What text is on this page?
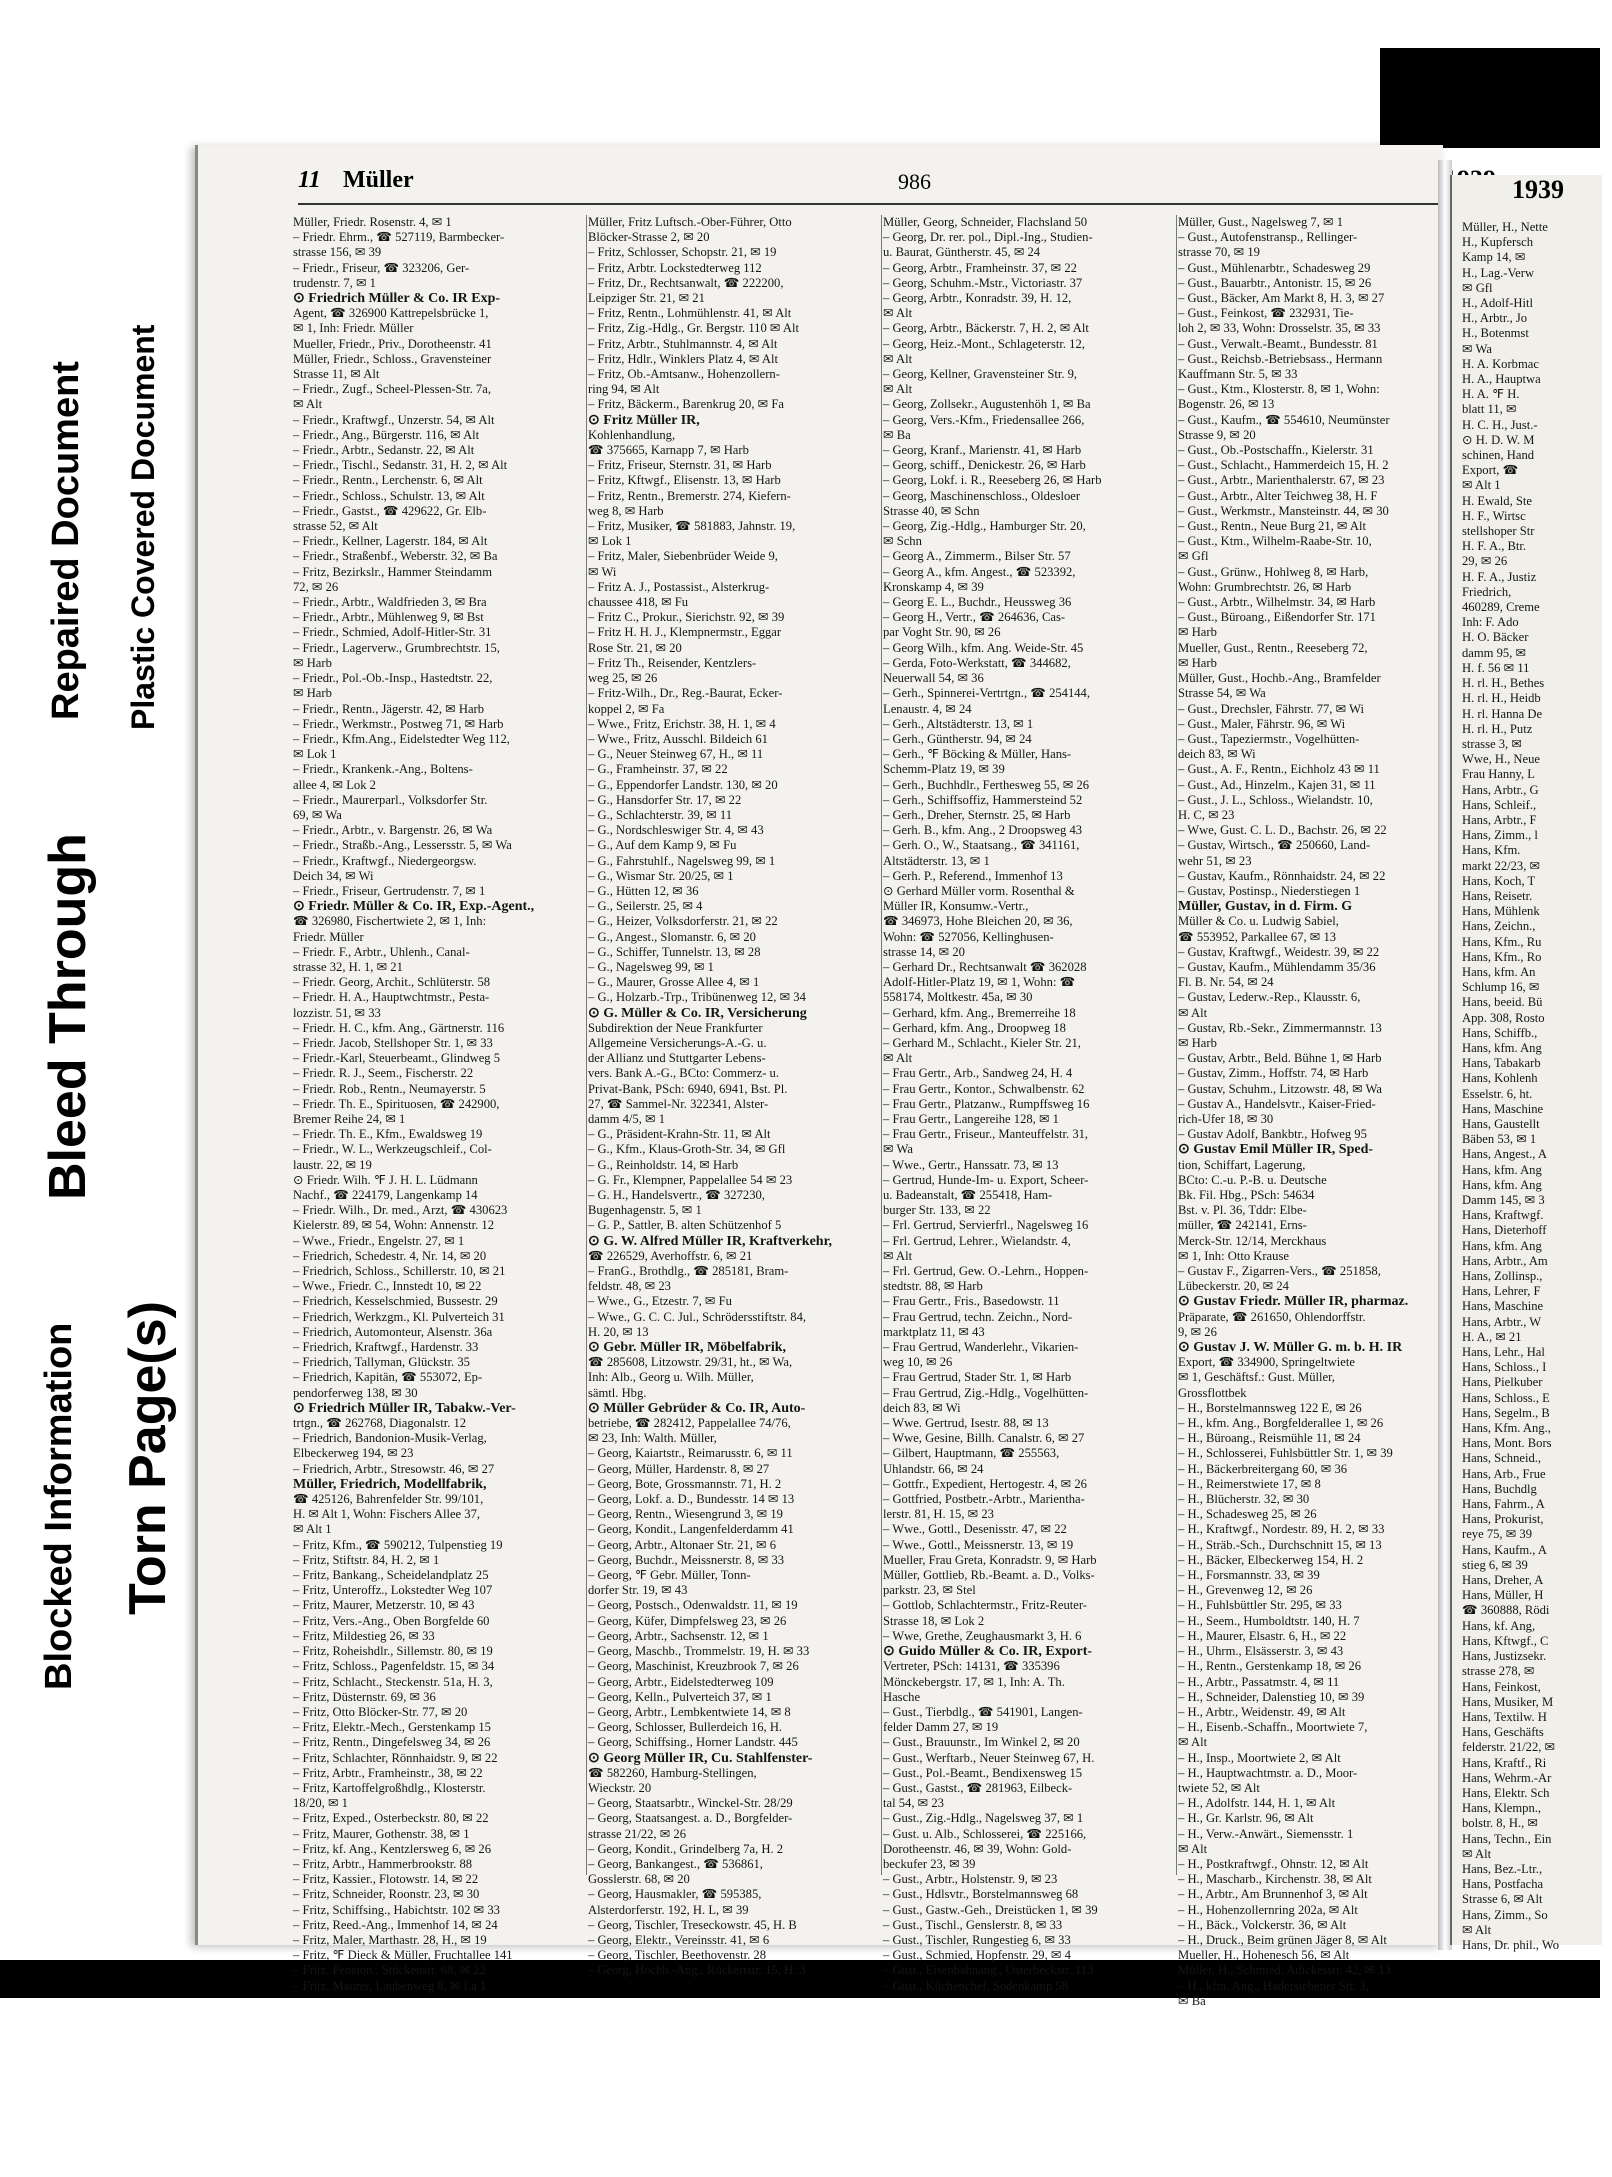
Blocked Information Torn Page(s)
Bleed Through
Repaired Document Plastic Covered Document
11 Müller	986
Müller, Friedr. Rosenstr. 4, ✉ 1
– Friedr. Ehrm., ☎ 527119, Barmbecker-
strasse 156, ✉ 39
– Friedr., Friseur, ☎ 323206, Ger-
trudenstr. 7, ✉ 1
⊙ Friedrich Müller & Co. IR Exp-
Agent, ☎ 326900 Kattrepelsbrücke 1,
✉ 1, Inh: Friedr. Müller
Mueller, Friedr., Priv., Dorotheenstr. 41
Müller, Friedr., Schloss., Gravensteiner
Strasse 11, ✉ Alt
– Friedr., Zugf., Scheel-Plessen-Str. 7a,
✉ Alt
– Friedr., Kraftwgf., Unzerstr. 54, ✉ Alt
– Friedr., Ang., Bürgerstr. 116, ✉ Alt
– Friedr., Arbtr., Sedanstr. 22, ✉ Alt
– Friedr., Tischl., Sedanstr. 31, H. 2, ✉ Alt
– Friedr., Rentn., Lerchenstr. 6, ✉ Alt
– Friedr., Schloss., Schulstr. 13, ✉ Alt
– Friedr., Gastst., ☎ 429622, Gr. Elb-
strasse 52, ✉ Alt
– Friedr., Kellner, Lagerstr. 184, ✉ Alt
– Friedr., Straßenbf., Weberstr. 32, ✉ Ba
– Fritz, Bezirkslr., Hammer Steindamm
72, ✉ 26
– Friedr., Arbtr., Waldfrieden 3, ✉ Bra
– Friedr., Arbtr., Mühlenweg 9, ✉ Bst
– Friedr., Schmied, Adolf-Hitler-Str. 31
– Friedr., Lagerverw., Grumbrechtstr. 15,
✉ Harb
– Friedr., Pol.-Ob.-Insp., Hastedtstr. 22,
✉ Harb
– Friedr., Rentn., Jägerstr. 42, ✉ Harb
– Friedr., Werkmstr., Postweg 71, ✉ Harb
– Friedr., Kfm.Ang., Eidelstedter Weg 112,
✉ Lok 1
– Friedr., Krankenk.-Ang., Boltens-
allee 4, ✉ Lok 2
– Friedr., Maurerparl., Volksdorfer Str.
69, ✉ Wa
– Friedr., Arbtr., v. Bargenstr. 26, ✉ Wa
– Friedr., Straßb.-Ang., Lessersstr. 5, ✉ Wa
– Friedr., Kraftwgf., Niedergeorgsw.
Deich 34, ✉ Wi
– Friedr., Friseur, Gertrudenstr. 7, ✉ 1
⊙ Friedr. Müller & Co. IR, Exp.-Agent.,
☎ 326980, Fischertwiete 2, ✉ 1, Inh:
Friedr. Müller
– Friedr. F., Arbtr., Uhlenh., Canal-
strasse 32, H. 1, ✉ 21
– Friedr. Georg, Archit., Schlüterstr. 58
– Friedr. H. A., Hauptwchtmstr., Pesta-
lozzistr. 51, ✉ 33
– Friedr. H. C., kfm. Ang., Gärtnerstr. 116
– Friedr. Jacob, Stellshoper Str. 1, ✉ 33
– Friedr.-Karl, Steuerbeamt., Glindweg 5
– Friedr. R. J., Seem., Fischerstr. 22
– Friedr. Rob., Rentn., Neumayerstr. 5
– Friedr. Th. E., Spirituosen, ☎ 242900,
Bremer Reihe 24, ✉ 1
– Friedr. Th. E., Kfm., Ewaldsweg 19
– Friedr., W. L., Werkzeugschleif., Col-
laustr. 22, ✉ 19
⊙ Friedr. Wilh. ℉ J. H. L. Lüdmann
Nachf., ☎ 224179, Langenkamp 14
– Friedr. Wilh., Dr. med., Arzt, ☎ 430623
Kielerstr. 89, ✉ 54, Wohn: Annenstr. 12
– Wwe., Friedr., Engelstr. 27, ✉ 1
– Friedrich, Schedestr. 4, Nr. 14, ✉ 20
– Friedrich, Schloss., Schillerstr. 10, ✉ 21
– Wwe., Friedr. C., Innstedt 10, ✉ 22
– Friedrich, Kesselschmied, Bussestr. 29
– Friedrich, Werkzgm., Kl. Pulverteich 31
– Friedrich, Automonteur, Alsenstr. 36a
– Friedrich, Kraftwgf., Hardenstr. 33
– Friedrich, Tallyman, Glückstr. 35
– Friedrich, Kapitän, ☎ 553072, Ep-
pendorferweg 138, ✉ 30
⊙ Friedrich Müller IR, Tabakw.-Ver-
trtgn., ☎ 262768, Diagonalstr. 12
– Friedrich, Bandonion-Musik-Verlag,
Elbeckerweg 194, ✉ 23
– Friedrich, Arbtr., Stresowstr. 46, ✉ 27
Müller, Friedrich, Modellfabrik,
☎ 425126, Bahrenfelder Str. 99/101,
H. ✉ Alt 1, Wohn: Fischers Allee 37,
✉ Alt 1
– Fritz, Kfm., ☎ 590212, Tulpenstieg 19
– Fritz, Stiftstr. 84, H. 2, ✉ 1
– Fritz, Bankang., Scheidelandplatz 25
– Fritz, Unteroffz., Lokstedter Weg 107
– Fritz, Maurer, Metzerstr. 10, ✉ 43
– Fritz, Vers.-Ang., Oben Borgfelde 60
– Fritz, Mildestieg 26, ✉ 33
– Fritz, Roheishdlr., Sillemstr. 80, ✉ 19
– Fritz, Schloss., Pagenfeldstr. 15, ✉ 34
– Fritz, Schlacht., Steckenstr. 51a, H. 3,
– Fritz, Düsternstr. 69, ✉ 36
– Fritz, Otto Blöcker-Str. 77, ✉ 20
– Fritz, Elektr.-Mech., Gerstenkamp 15
– Fritz, Rentn., Dingefelsweg 34, ✉ 26
– Fritz, Schlachter, Rönnhaidstr. 9, ✉ 22
– Fritz, Arbtr., Framheinstr., 38, ✉ 22
– Fritz, Kartoffelgroßhdlg., Klosterstr.
18/20, ✉ 1
– Fritz, Exped., Osterbeckstr. 80, ✉ 22
– Fritz, Maurer, Gothenstr. 38, ✉ 1
– Fritz, kf. Ang., Kentzlersweg 6, ✉ 26
– Fritz, Arbtr., Hammerbrookstr. 88
– Fritz, Kassier., Flotowstr. 14, ✉ 22
– Fritz, Schneider, Roonstr. 23, ✉ 30
– Fritz, Schiffsing., Habichtstr. 102 ✉ 33
– Fritz, Reed.-Ang., Immenhof 14, ✉ 24
– Fritz, Maler, Marthastr. 28, H., ✉ 19
– Fritz, ℉ Dieck & Müller, Fruchtallee 141
– Fritz, Pension., Stückenstr. 68, ✉ 22
– Fritz, Maurer, Laubenweg 8, ✉ La 1
Müller, Fritz Luftsch.-Ober-Führer, Otto
Blöcker-Strasse 2, ✉ 20
– Fritz, Schlosser, Schopstr. 21, ✉ 19
– Fritz, Arbtr. Lockstedterweg 112
– Fritz, Dr., Rechtsanwalt, ☎ 222200,
Leipziger Str. 21, ✉ 21
– Fritz, Rentn., Lohmühlenstr. 41, ✉ Alt
– Fritz, Zig.-Hdlg., Gr. Bergstr. 110 ✉ Alt
– Fritz, Arbtr., Stuhlmannstr. 4, ✉ Alt
– Fritz, Hdlr., Winklers Platz 4, ✉ Alt
– Fritz, Ob.-Amtsanw., Hohenzollern-
ring 94, ✉ Alt
– Fritz, Bäckerm., Barenkrug 20, ✉ Fa
⊙ Fritz Müller IR,
Kohlenhandlung,
☎ 375665, Karnapp 7, ✉ Harb
– Fritz, Friseur, Sternstr. 31, ✉ Harb
– Fritz, Kftwgf., Elisenstr. 13, ✉ Harb
– Fritz, Rentn., Bremerstr. 274, Kiefern-
weg 8, ✉ Harb
– Fritz, Musiker, ☎ 581883, Jahnstr. 19,
✉ Lok 1
– Fritz, Maler, Siebenbrüder Weide 9,
✉ Wi
– Fritz A. J., Postassist., Alsterkrug-
chaussee 418, ✉ Fu
– Fritz C., Prokur., Sierichstr. 92, ✉ 39
– Fritz H. H. J., Klempnermstr., Eggar
Rose Str. 21, ✉ 20
– Fritz Th., Reisender, Kentzlers-
weg 25, ✉ 26
– Fritz-Wilh., Dr., Reg.-Baurat, Ecker-
koppel 2, ✉ Fa
– Wwe., Fritz, Erichstr. 38, H. 1, ✉ 4
– Wwe., Fritz, Ausschl. Bildeich 61
– G., Neuer Steinweg 67, H., ✉ 11
– G., Framheinstr. 37, ✉ 22
– G., Eppendorfer Landstr. 130, ✉ 20
– G., Hansdorfer Str. 17, ✉ 22
– G., Schlachterstr. 39, ✉ 11
– G., Nordschleswiger Str. 4, ✉ 43
– G., Auf dem Kamp 9, ✉ Fu
– G., Fahrstuhlf., Nagelsweg 99, ✉ 1
– G., Wismar Str. 20/25, ✉ 1
– G., Hütten 12, ✉ 36
– G., Seilerstr. 25, ✉ 4
– G., Heizer, Volksdorferstr. 21, ✉ 22
– G., Angest., Slomanstr. 6, ✉ 20
– G., Schiffer, Tunnelstr. 13, ✉ 28
– G., Nagelsweg 99, ✉ 1
– G., Maurer, Grosse Allee 4, ✉ 1
– G., Holzarb.-Trp., Tribünenweg 12, ✉ 34
⊙ G. Müller & Co. IR, Versicherung
Subdirektion der Neue Frankfurter
Allgemeine Versicherungs-A.-G. u.
der Allianz und Stuttgarter Lebens-
vers. Bank A.-G., BCto: Commerz- u.
Privat-Bank, PSch: 6940, 6941, Bst. Pl.
27, ☎ Sammel-Nr. 322341, Alster-
damm 4/5, ✉ 1
– G., Präsident-Krahn-Str. 11, ✉ Alt
– G., Kfm., Klaus-Groth-Str. 34, ✉ Gfl
– G., Reinholdstr. 14, ✉ Harb
– G. Fr., Klempner, Pappelallee 54 ✉ 23
– G. H., Handelsvertr., ☎ 327230,
Bugenhagenstr. 5, ✉ 1
– G. P., Sattler, B. alten Schützenhof 5
⊙ G. W. Alfred Müller IR, Kraftverkehr,
☎ 226529, Averhoffstr. 6, ✉ 21
– FranG., Brothdlg., ☎ 285181, Bram-
feldstr. 48, ✉ 23
– Wwe., G., Etzestr. 7, ✉ Fu
– Wwe., G. C. C. Jul., Schrödersstiftstr. 84,
H. 20, ✉ 13
⊙ Gebr. Müller IR, Möbelfabrik,
☎ 285608, Litzowstr. 29/31, ht., ✉ Wa,
Inh: Alb., Georg u. Wilh. Müller,
sämtl. Hbg.
⊙ Müller Gebrüder & Co. IR, Auto-
betriebe, ☎ 282412, Pappelallee 74/76,
✉ 23, Inh: Walth. Müller,
– Georg, Kaiartstr., Reimarusstr. 6, ✉ 11
– Georg, Müller, Hardenstr. 8, ✉ 27
– Georg, Bote, Grossmannstr. 71, H. 2
– Georg, Lokf. a. D., Bundesstr. 14 ✉ 13
– Georg, Rentn., Wiesengrund 3, ✉ 19
– Georg, Kondit., Langenfelderdamm 41
– Georg, Arbtr., Altonaer Str. 21, ✉ 6
– Georg, Buchdr., Meissnerstr. 8, ✉ 33
– Georg, ℉ Gebr. Müller, Tonn-
dorfer Str. 19, ✉ 43
– Georg, Postsch., Odenwaldstr. 11, ✉ 19
– Georg, Küfer, Dimpfelsweg 23, ✉ 26
– Georg, Arbtr., Sachsenstr. 12, ✉ 1
– Georg, Maschb., Trommelstr. 19, H. ✉ 33
– Georg, Maschinist, Kreuzbrook 7, ✉ 26
– Georg, Arbtr., Eidelstedterweg 109
– Georg, Kelln., Pulverteich 37, ✉ 1
– Georg, Arbtr., Lembkentwiete 14, ✉ 8
– Georg, Schlosser, Bullerdeich 16, H.
– Georg, Schiffsing., Horner Landstr. 445
⊙ Georg Müller IR, Cu. Stahlfenster-
☎ 582260, Hamburg-Stellingen,
Wieckstr. 20
– Georg, Staatsarbtr., Winckel-Str. 28/29
– Georg, Staatsangest. a. D., Borgfelder-
strasse 21/22, ✉ 26
– Georg, Kondit., Grindelberg 7a, H. 2
– Georg, Bankangest., ☎ 536861,
Gosslerstr. 68, ✉ 20
– Georg, Hausmakler, ☎ 595385,
Alsterdorferstr. 192, H. L, ✉ 39
– Georg, Tischler, Treseckowstr. 45, H. B
– Georg, Elektr., Vereinsstr. 41, ✉ 6
– Georg, Tischler, Beethovenstr. 28
– Georg, Hochb.-Ang., Rückertstr. 15, H. 3
Müller, Georg, Schneider, Flachsland 50
– Georg, Dr. rer. pol., Dipl.-Ing., Studien-
u. Baurat, Güntherstr. 45, ✉ 24
– Georg, Arbtr., Framheinstr. 37, ✉ 22
– Georg, Schuhm.-Mstr., Victoriastr. 37
– Georg, Arbtr., Konradstr. 39, H. 12,
✉ Alt
– Georg, Arbtr., Bäckerstr. 7, H. 2, ✉ Alt
– Georg, Heiz.-Mont., Schlageterstr. 12,
✉ Alt
– Georg, Kellner, Gravensteiner Str. 9,
✉ Alt
– Georg, Zollsekr., Augustenhöh 1, ✉ Ba
– Georg, Vers.-Kfm., Friedensallee 266,
✉ Ba
– Georg, Kranf., Marienstr. 41, ✉ Harb
– Georg, schiff., Denickestr. 26, ✉ Harb
– Georg, Lokf. i. R., Reeseberg 26, ✉ Harb
– Georg, Maschinenschloss., Oldesloer
Strasse 40, ✉ Schn
– Georg, Zig.-Hdlg., Hamburger Str. 20,
✉ Schn
– Georg A., Zimmerm., Bilser Str. 57
– Georg A., kfm. Angest., ☎ 523392,
Kronskamp 4, ✉ 39
– Georg E. L., Buchdr., Heussweg 36
– Georg H., Vertr., ☎ 264636, Cas-
par Voght Str. 90, ✉ 26
– Georg Wilh., kfm. Ang. Weide-Str. 45
– Gerda, Foto-Werkstatt, ☎ 344682,
Neuerwall 54, ✉ 36
– Gerh., Spinnerei-Vertrtgn., ☎ 254144,
Lenaustr. 4, ✉ 24
– Gerh., Altstädterstr. 13, ✉ 1
– Gerh., Güntherstr. 94, ✉ 24
– Gerh., ℉ Böcking & Müller, Hans-
Schemm-Platz 19, ✉ 39
– Gerh., Buchhdlr., Ferthesweg 55, ✉ 26
– Gerh., Schiffsoffiz, Hammersteind 52
– Gerh., Dreher, Sternstr. 25, ✉ Harb
– Gerh. B., kfm. Ang., 2 Droopsweg 43
– Gerh. O., W., Staatsang., ☎ 341161,
Altstädterstr. 13, ✉ 1
– Gerh. P., Referend., Immenhof 13
⊙ Gerhard Müller vorm. Rosenthal &
Müller IR, Konsumw.-Vertr.,
☎ 346973, Hohe Bleichen 20, ✉ 36,
Wohn: ☎ 527056, Kellinghusen-
strasse 14, ✉ 20
– Gerhard Dr., Rechtsanwalt ☎ 362028
Adolf-Hitler-Platz 19, ✉ 1, Wohn: ☎
558174, Moltkestr. 45a, ✉ 30
– Gerhard, kfm. Ang., Bremerreihe 18
– Gerhard, kfm. Ang., Droopweg 18
– Gerhard M., Schlacht., Kieler Str. 21,
✉ Alt
– Frau Gertr., Arb., Sandweg 24, H. 4
– Frau Gertr., Kontor., Schwalbenstr. 62
– Frau Gertr., Platzanw., Rumpffsweg 16
– Frau Gertr., Langereihe 128, ✉ 1
– Frau Gertr., Friseur., Manteuffelstr. 31,
✉ Wa
– Wwe., Gertr., Hanssatr. 73, ✉ 13
– Gertrud, Hunde-Im- u. Export, Scheer-
u. Badeanstalt, ☎ 255418, Ham-
burger Str. 133, ✉ 22
– Frl. Gertrud, Servierfrl., Nagelsweg 16
– Frl. Gertrud, Lehrer., Wielandstr. 4,
✉ Alt
– Frl. Gertrud, Gew. O.-Lehrn., Hoppen-
stedtstr. 88, ✉ Harb
– Frau Gertr., Fris., Basedowstr. 11
– Frau Gertrud, techn. Zeichn., Nord-
marktplatz 11, ✉ 43
– Frau Gertrud, Wanderlehr., Vikarien-
weg 10, ✉ 26
– Frau Gertrud, Stader Str. 1, ✉ Harb
– Frau Gertrud, Zig.-Hdlg., Vogelhütten-
deich 83, ✉ Wi
– Wwe. Gertrud, Isestr. 88, ✉ 13
– Wwe, Gesine, Billh. Canalstr. 6, ✉ 27
– Gilbert, Hauptmann, ☎ 255563,
Uhlandstr. 66, ✉ 24
– Gottfr., Expedient, Hertogestr. 4, ✉ 26
– Gottfried, Postbetr.-Arbtr., Marientha-
lerstr. 81, H. 15, ✉ 23
– Wwe., Gottl., Desenisstr. 47, ✉ 22
– Wwe., Gottl., Meissnerstr. 13, ✉ 19
Mueller, Frau Greta, Konradstr. 9, ✉ Harb
Müller, Gottlieb, Rb.-Beamt. a. D., Volks-
parkstr. 23, ✉ Stel
– Gottlob, Schlachtermstr., Fritz-Reuter-
Strasse 18, ✉ Lok 2
– Wwe, Grethe, Zeughausmarkt 3, H. 6
⊙ Guido Müller & Co. IR, Export-
Vertreter, PSch: 14131, ☎ 335396
Mönckebergstr. 17, ✉ 1, Inh: A. Th.
Hasche
– Gust., Tierbdlg., ☎ 541901, Langen-
felder Damm 27, ✉ 19
– Gust., Brauunstr., Im Winkel 2, ✉ 20
– Gust., Werftarb., Neuer Steinweg 67, H.
– Gust., Pol.-Beamt., Bendixensweg 15
– Gust., Gastst., ☎ 281963, Eilbeck-
tal 54, ✉ 23
– Gust., Zig.-Hdlg., Nagelsweg 37, ✉ 1
– Gust. u. Alb., Schlosserei, ☎ 225166,
Dorotheenstr. 46, ✉ 39, Wohn: Gold-
beckufer 23, ✉ 39
– Gust., Arbtr., Holstenstr. 9, ✉ 23
– Gust., Hdlsvtr., Borstelmannsweg 68
– Gust., Gastw.-Geh., Dreistücken 1, ✉ 39
– Gust., Tischl., Genslerstr. 8, ✉ 33
– Gust., Tischler, Rungestieg 6, ✉ 33
– Gust., Schmied, Hopfenstr. 29, ✉ 4
– Gust., Eisenbahnang., Osterbeckstr. 113
– Gust., Küchenchef, Sodenkamp 58
Müller, Gust., Nagelsweg 7, ✉ 1
– Gust., Autofenstransp., Rellinger-
strasse 70, ✉ 19
– Gust., Mühlenarbtr., Schadesweg 29
– Gust., Bauarbtr., Antonistr. 15, ✉ 26
– Gust., Bäcker, Am Markt 8, H. 3, ✉ 27
– Gust., Feinkost, ☎ 232931, Tie-
loh 2, ✉ 33, Wohn: Drosselstr. 35, ✉ 33
– Gust., Verwalt.-Beamt., Bundesstr. 81
– Gust., Reichsb.-Betriebsass., Hermann
Kauffmann Str. 5, ✉ 33
– Gust., Ktm., Klosterstr. 8, ✉ 1, Wohn:
Bogenstr. 26, ✉ 13
– Gust., Kaufm., ☎ 554610, Neumünster
Strasse 9, ✉ 20
– Gust., Ob.-Postschaffn., Kielerstr. 31
– Gust., Schlacht., Hammerdeich 15, H. 2
– Gust., Arbtr., Marienthalerstr. 67, ✉ 23
– Gust., Arbtr., Alter Teichweg 38, H. F
– Gust., Werkmstr., Mansteinstr. 44, ✉ 30
– Gust., Rentn., Neue Burg 21, ✉ Alt
– Gust., Ktm., Wilhelm-Raabe-Str. 10,
✉ Gfl
– Gust., Grünw., Hohlweg 8, ✉ Harb,
Wohn: Grumbrechtstr. 26, ✉ Harb
– Gust., Arbtr., Wilhelmstr. 34, ✉ Harb
– Gust., Büroang., Eißendorfer Str. 171
✉ Harb
Mueller, Gust., Rentn., Reeseberg 72,
✉ Harb
Müller, Gust., Hochb.-Ang., Bramfelder
Strasse 54, ✉ Wa
– Gust., Drechsler, Fährstr. 77, ✉ Wi
– Gust., Maler, Fährstr. 96, ✉ Wi
– Gust., Tapeziermstr., Vogelhütten-
deich 83, ✉ Wi
– Gust., A. F., Rentn., Eichholz 43 ✉ 11
– Gust., Ad., Hinzelm., Kajen 31, ✉ 11
– Gust., J. L., Schloss., Wielandstr. 10,
H. C, ✉ 23
– Wwe, Gust. C. L. D., Bachstr. 26, ✉ 22
– Gustav, Wirtsch., ☎ 250660, Land-
wehr 51, ✉ 23
– Gustav, Kaufm., Rönnhaidstr. 24, ✉ 22
– Gustav, Postinsp., Niederstiegen 1
Müller, Gustav, in d. Firm. G
Müller & Co. u. Ludwig Sabiel,
☎ 553952, Parkallee 67, ✉ 13
– Gustav, Kraftwgf., Weidestr. 39, ✉ 22
– Gustav, Kaufm., Mühlendamm 35/36
Fl. B. Nr. 54, ✉ 24
– Gustav, Lederw.-Rep., Klausstr. 6,
✉ Alt
– Gustav, Rb.-Sekr., Zimmermannstr. 13
✉ Harb
– Gustav, Arbtr., Beld. Bühne 1, ✉ Harb
– Gustav, Zimm., Hoffstr. 74, ✉ Harb
– Gustav, Schuhm., Litzowstr. 48, ✉ Wa
– Gustav A., Handelsvtr., Kaiser-Fried-
rich-Ufer 18, ✉ 30
– Gustav Adolf, Bankbtr., Hofweg 95
⊙ Gustav Emil Müller IR, Sped-
tion, Schiffart, Lagerung,
BCto: C.-u. P.-B. u. Deutsche
Bk. Fil. Hbg., PSch: 54634
Bst. v. Pl. 36, Tddr: Elbe-
müller, ☎ 242141, Erns-
Merck-Str. 12/14, Merckhaus
✉ 1, Inh: Otto Krause
– Gustav F., Zigarren-Vers., ☎ 251858,
Lübeckerstr. 20, ✉ 24
⊙ Gustav Friedr. Müller IR, pharmaz.
Präparate, ☎ 261650, Ohlendorffstr.
9, ✉ 26
⊙ Gustav J. W. Müller G. m. b. H. IR
Export, ☎ 334900, Springeltwiete
✉ 1, Geschäftsf.: Gust. Müller,
Grossflottbek
– H., Borstelmannsweg 122 E, ✉ 26
– H., kfm. Ang., Borgfelderallee 1, ✉ 26
– H., Büroang., Reismühle 11, ✉ 24
– H., Schlosserei, Fuhlsbüttler Str. 1, ✉ 39
– H., Bäckerbreitergang 60, ✉ 36
– H., Reimerstwiete 17, ✉ 8
– H., Blücherstr. 32, ✉ 30
– H., Schadesweg 25, ✉ 26
– H., Kraftwgf., Nordestr. 89, H. 2, ✉ 33
– H., Sträb.-Sch., Durchschnitt 15, ✉ 13
– H., Bäcker, Elbeckerweg 154, H. 2
– H., Forsmannstr. 33, ✉ 39
– H., Grevenweg 12, ✉ 26
– H., Fuhlsbüttler Str. 295, ✉ 33
– H., Seem., Humboldtstr. 140, H. 7
– H., Maurer, Elsastr. 6, H., ✉ 22
– H., Uhrm., Elsässerstr. 3, ✉ 43
– H., Rentn., Gerstenkamp 18, ✉ 26
– H., Arbtr., Passatmstr. 4, ✉ 11
– H., Schneider, Dalenstieg 10, ✉ 39
– H., Arbtr., Weidenstr. 49, ✉ Alt
– H., Eisenb.-Schaffn., Moortwiete 7,
✉ Alt
– H., Insp., Moortwiete 2, ✉ Alt
– H., Hauptwachtmstr. a. D., Moor-
twiete 52, ✉ Alt
– H., Adolfstr. 144, H. 1, ✉ Alt
– H., Gr. Karlstr. 96, ✉ Alt
– H., Verw.-Anwärt., Siemensstr. 1
✉ Alt
– H., Postkraftwgf., Ohnstr. 12, ✉ Alt
– H., Mascharb., Kirchenstr. 38, ✉ Alt
– H., Arbtr., Am Brunnenhof 3, ✉ Alt
– H., Hohenzollernring 202a, ✉ Alt
– H., Bäck., Volckerstr. 36, ✉ Alt
– H., Druck., Beim grünen Jäger 8, ✉ Alt
Mueller, H., Hohenesch 56, ✉ Alt
Müller, H., Schmied, Adickesstr. 42, ✉ 13
– H., kfm. Ang., Hadersiebener Str. 3,
✉ Ba
1939
Müller, H., Nette
H., Kupfersch
Kamp 14, ✉
H., Lag.-Verw
✉ Gfl
H., Adolf-Hitl
H., Arbtr., Jo
H., Botenmst
✉ Wa
H. A. Korbmac
H. A., Hauptwa
H. A. ℉ H.
blatt 11, ✉
H. C. H., Just.-
⊙ H. D. W. M
schinen, Hand
Export, ☎
✉ Alt 1
H. Ewald, Ste
H. F., Wirtsc
stellshoper Str
H. F. A., Btr.
29, ✉ 26
H. F. A., Justiz
Friedrich,
460289, Creme
Inh: F. Ado
H. O. Bäcker
damm 95, ✉
H. f. 56 ✉ 11
H. rl. H., Bethes
H. rl. H., Heidb
H. rl. Hanna De
H. rl. H., Putz
strasse 3, ✉
Wwe, H., Neue
Frau Hanny, L
Hans, Arbtr., G
Hans, Schleif.,
Hans, Arbtr., F
Hans, Zimm., l
Hans, Kfm.
markt 22/23, ✉
Hans, Koch, T
Hans, Reisetr.
Hans, Mühlenk
Hans, Zeichn.,
Hans, Kfm., Ru
Hans, Kfm., Ro
Hans, kfm. An
Schlump 16, ✉
Hans, beeid. Bü
App. 308, Rosto
Hans, Schiffb.,
Hans, kfm. Ang
Hans, Tabakarb
Hans, Kohlenh
Esselstr. 6, ht.
Hans, Maschine
Hans, Gaustellt
Bäben 53, ✉ 1
Hans, Angest., A
Hans, kfm. Ang
Hans, kfm. Ang
Damm 145, ✉ 3
Hans, Kraftwgf.
Hans, Dieterhoff
Hans, kfm. Ang
Hans, Arbtr., Am
Hans, Zollinsp.,
Hans, Lehrer, F
Hans, Maschine
Hans, Arbtr., W
H. A., ✉ 21
Hans, Lehr., Hal
Hans, Schloss., I
Hans, Pielkuber
Hans, Schloss., E
Hans, Segelm., B
Hans, Kfm. Ang.,
Hans, Mont. Bors
Hans, Schneid.,
Hans, Arb., Frue
Hans, Buchdlg
Hans, Fahrm., A
Hans, Prokurist,
reye 75, ✉ 39
Hans, Kaufm., A
stieg 6, ✉ 39
Hans, Dreher, A
Hans, Müller, H
☎ 360888, Rödi
Hans, kf. Ang,
Hans, Kftwgf., C
Hans, Justizsekr.
strasse 278, ✉
Hans, Feinkost,
Hans, Musiker, M
Hans, Textilw. H
Hans, Geschäfts
felderstr. 21/22, ✉
Hans, Kraftf., Ri
Hans, Wehrm.-Ar
Hans, Elektr. Sch
Hans, Klempn.,
bolstr. 8, H., ✉
Hans, Techn., Ein
✉ Alt
Hans, Bez.-Ltr.,
Hans, Postfacha
Strasse 6, ✉ Alt
Hans, Zimm., So
✉ Alt
Hans, Dr. phil., Wo
